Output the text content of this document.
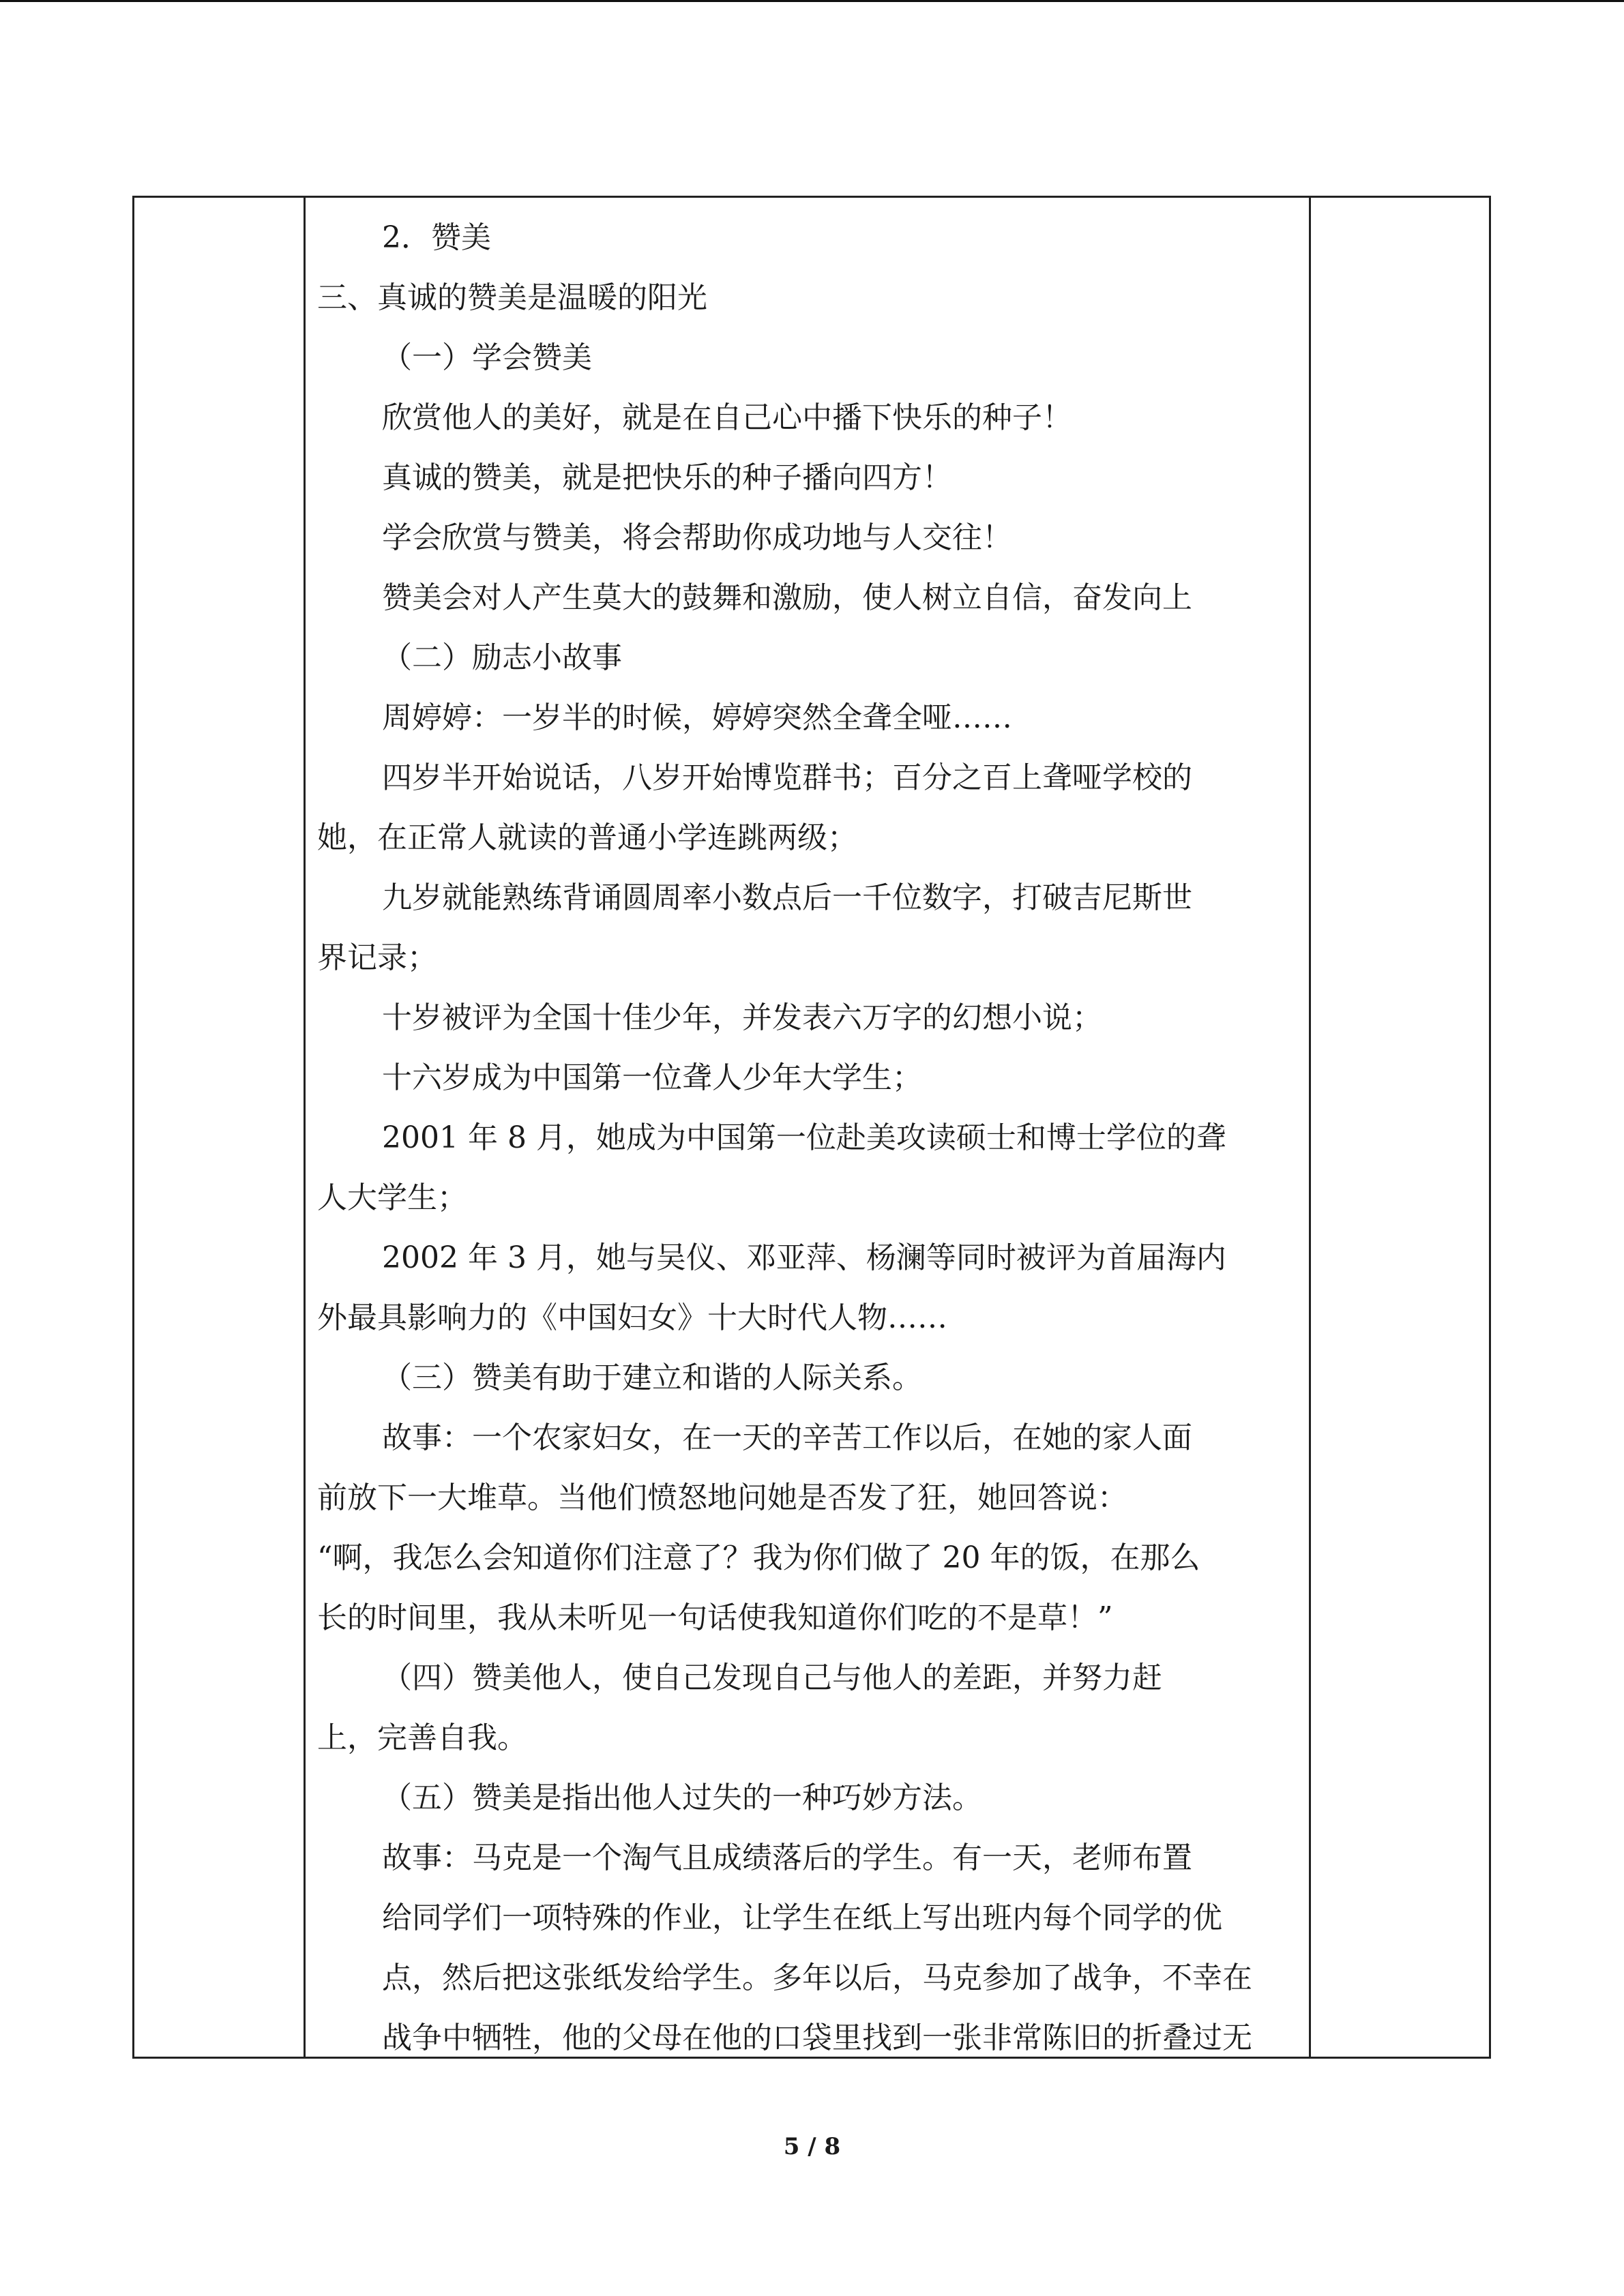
2．赞美
三、真诚的赞美是温暖的阳光
（一）学会赞美
欣赏他人的美好，就是在自己心中播下快乐的种子！
真诚的赞美，就是把快乐的种子播向四方！
学会欣赏与赞美，将会帮助你成功地与人交往！
赞美会对人产生莫大的鼓舞和激励，使人树立自信，奋发向上
（二）励志小故事
周婷婷：一岁半的时候，婷婷突然全聋全哑……
四岁半开始说话，八岁开始博览群书；百分之百上聋哑学校的
她，在正常人就读的普通小学连跳两级；
九岁就能熟练背诵圆周率小数点后一千位数字，打破吉尼斯世
界记录；
十岁被评为全国十佳少年，并发表六万字的幻想小说；
十六岁成为中国第一位聋人少年大学生；
2001 年 8 月，她成为中国第一位赴美攻读硕士和博士学位的聋
人大学生；
2002 年 3 月，她与吴仪、邓亚萍、杨澜等同时被评为首届海内
外最具影响力的《中国妇女》十大时代人物……
（三）赞美有助于建立和谐的人际关系。
故事：一个农家妇女，在一天的辛苦工作以后，在她的家人面
前放下一大堆草。当他们愤怒地问她是否发了狂，她回答说：
“啊，我怎么会知道你们注意了？我为你们做了 20 年的饭，在那么
长的时间里，我从未听见一句话使我知道你们吃的不是草！”
（四）赞美他人，使自己发现自己与他人的差距，并努力赶
上，完善自我。
（五）赞美是指出他人过失的一种巧妙方法。
故事：马克是一个淘气且成绩落后的学生。有一天，老师布置
给同学们一项特殊的作业，让学生在纸上写出班内每个同学的优
点，然后把这张纸发给学生。多年以后，马克参加了战争，不幸在
战争中牺牲，他的父母在他的口袋里找到一张非常陈旧的折叠过无
5 / 8
